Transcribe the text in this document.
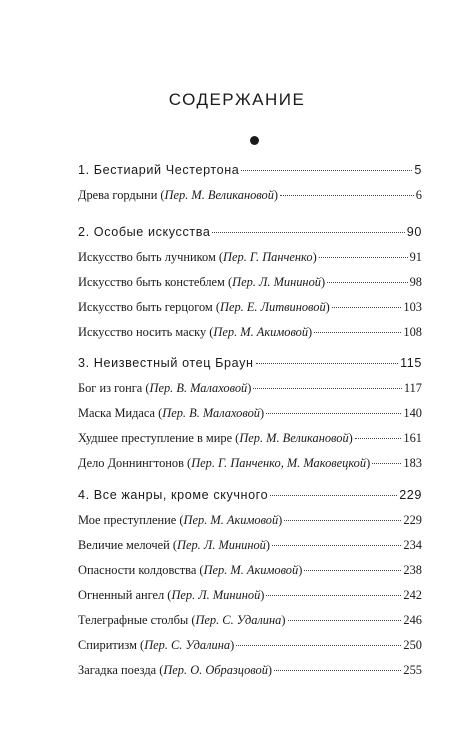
СОДЕРЖАНИЕ
1. Бестиарий Честертона	5
Древа гордыни (Пер. М. Великановой)	6
2. Особые искусства	90
Искусство быть лучником (Пер. Г. Панченко)	91
Искусство быть констеблем (Пер. Л. Мининой)	98
Искусство быть герцогом (Пер. Е. Литвиновой)	103
Искусство носить маску (Пер. М. Акимовой)	108
3. Неизвестный отец Браун	115
Бог из гонга (Пер. В. Малаховой)	117
Маска Мидаса (Пер. В. Малаховой)	140
Худшее преступление в мире (Пер. М. Великановой)	161
Дело Доннингтонов (Пер. Г. Панченко, М. Маковецкой)	183
4. Все жанры, кроме скучного	229
Мое преступление (Пер. М. Акимовой)	229
Величие мелочей (Пер. Л. Мининой)	234
Опасности колдовства (Пер. М. Акимовой)	238
Огненный ангел (Пер. Л. Мининой)	242
Телеграфные столбы (Пер. С. Удалина)	246
Спиритизм (Пер. С. Удалина)	250
Загадка поезда (Пер. О. Образцовой)	255
